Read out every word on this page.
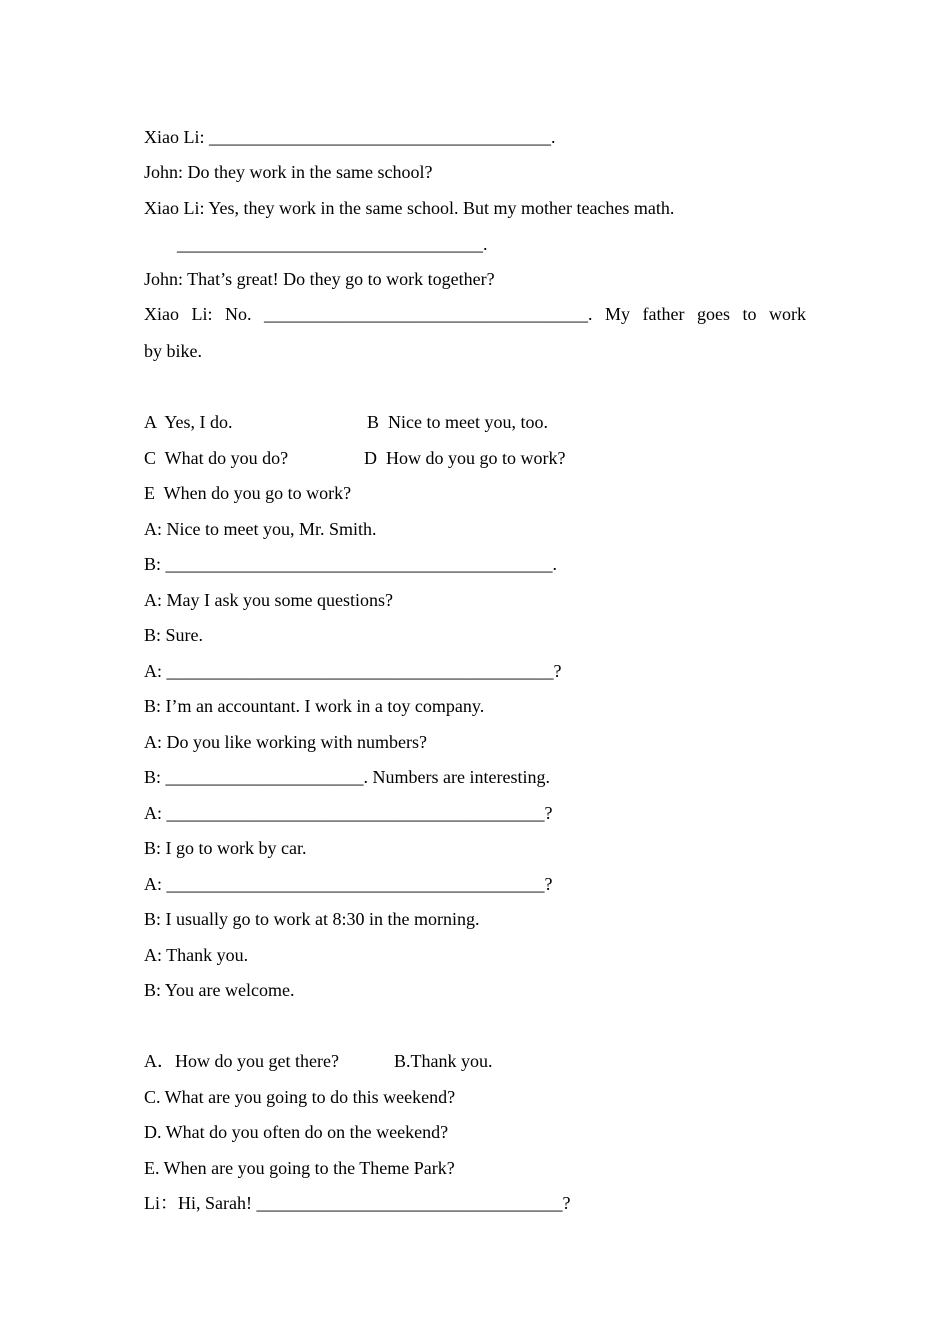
Xiao Li: ______________________________________.
John: Do they work in the same school?
Xiao Li: Yes, they work in the same school. But my mother teaches math.
__________________________________.
John: That’s great! Do they go to work together?
Xiao Li: No. ____________________________________. My father goes to work
by bike.
A  Yes, I do.	B  Nice to meet you, too.
C  What do you do?	D  How do you go to work?
E  When do you go to work?
A: Nice to meet you, Mr. Smith.
B: ___________________________________________.
A: May I ask you some questions?
B: Sure.
A: ___________________________________________?
B: I’m an accountant. I work in a toy company.
A: Do you like working with numbers?
B: ______________________. Numbers are interesting.
A: __________________________________________?
B: I go to work by car.
A: __________________________________________?
B: I usually go to work at 8:30 in the morning.
A: Thank you.
B: You are welcome.
A．How do you get there?	B.Thank you.
C. What are you going to do this weekend?
D. What do you often do on the weekend?
E. When are you going to the Theme Park?
Li：Hi, Sarah! __________________________________?
